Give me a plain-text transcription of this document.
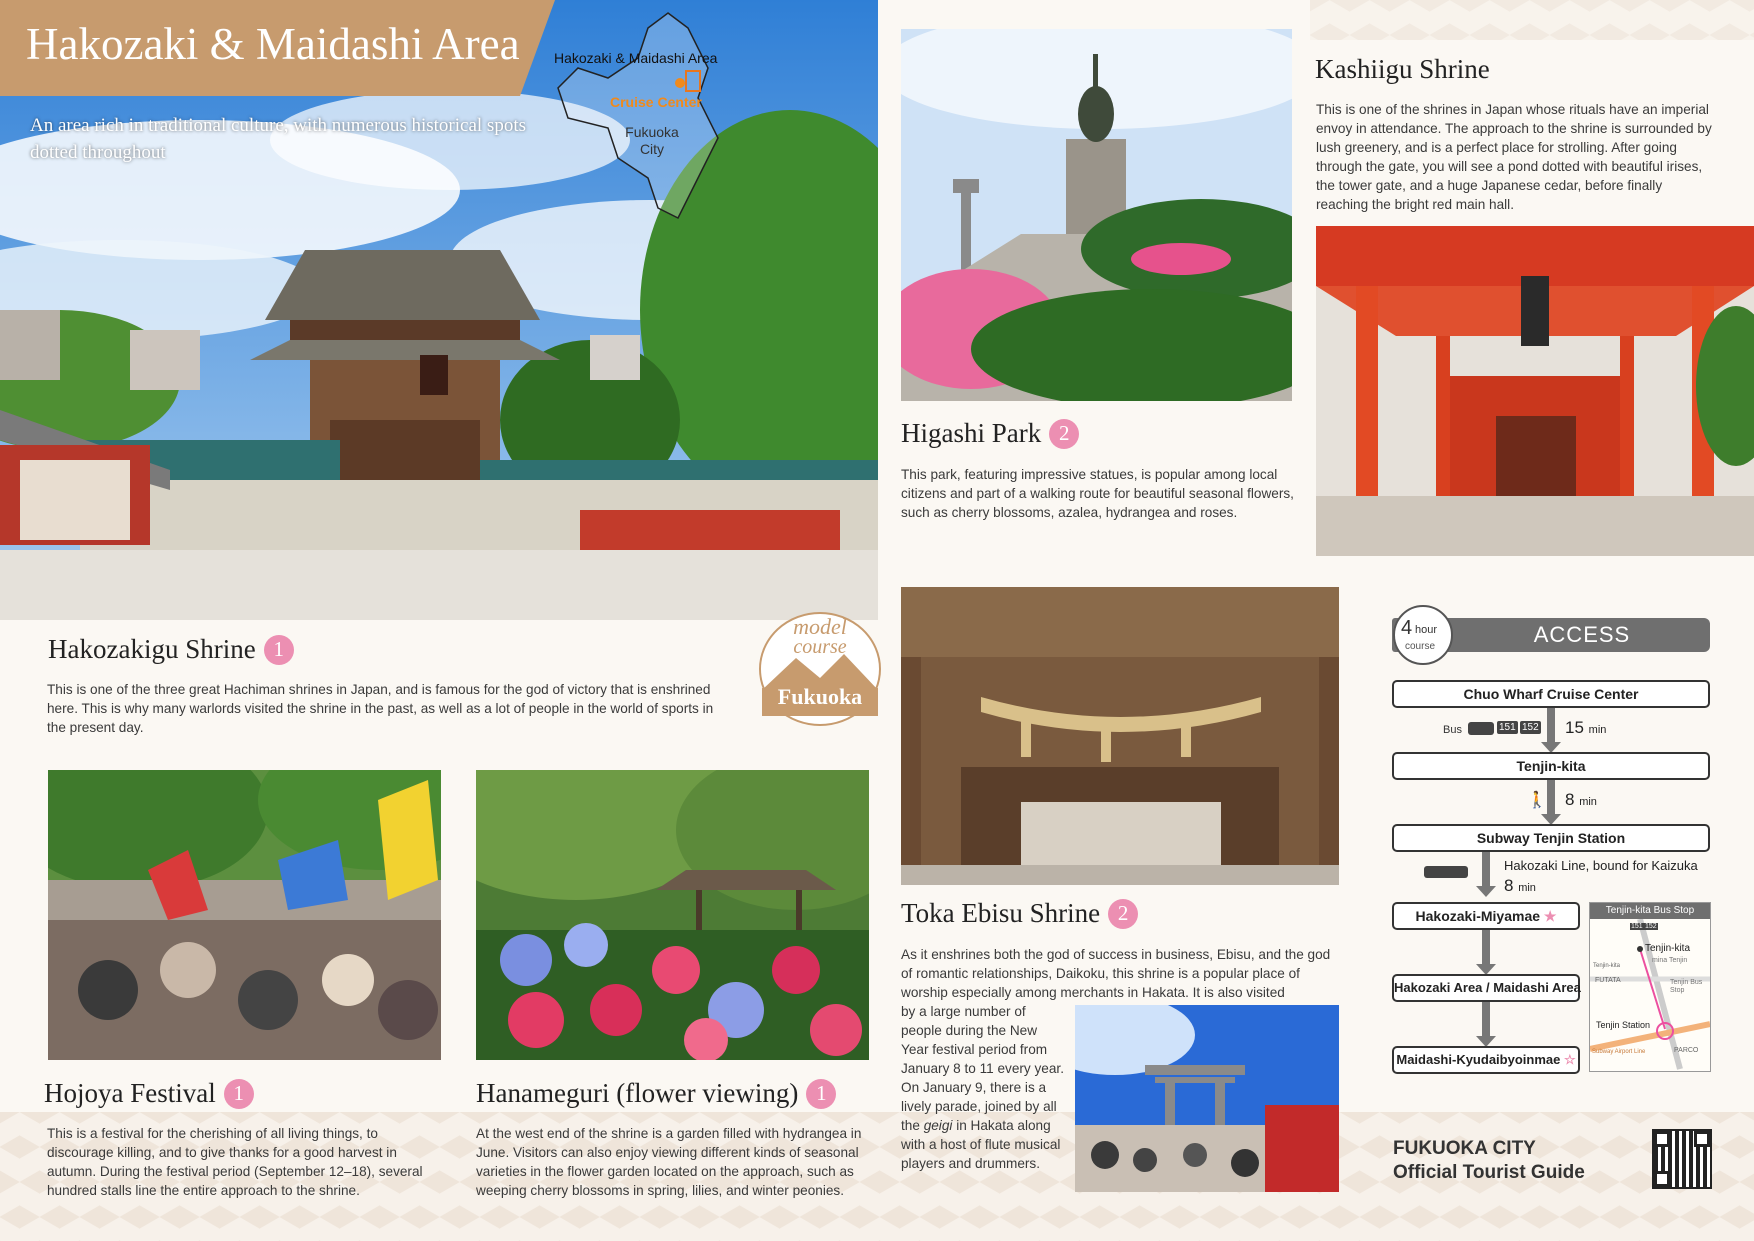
Hakozaki & Maidashi Area
An area rich in traditional culture, with numerous historical spots dotted throughout
Hakozaki & Maidashi Area
Cruise Center
Fukuoka City
model
course
Fukuoka
Hakozakigu Shrine 1

This is one of the three great Hachiman shrines in Japan, and is famous for the god of victory that is enshrined here. This is why many warlords visited the shrine in the past, as well as a lot of people in the world of sports in the present day.

Hojoya Festival 1

This is a festival for the cherishing of all living things, to discourage killing, and to give thanks for a good harvest in autumn. During the festival period (September 12–18), several hundred stalls line the entire approach to the shrine.

Hanameguri (flower viewing) 1

At the west end of the shrine is a garden filled with hydrangea in June. Visitors can also enjoy viewing different kinds of seasonal varieties in the flower garden located on the approach, such as weeping cherry blossoms in spring, lilies, and winter peonies.

Higashi Park 2

This park, featuring impressive statues, is popular among local citizens and part of a walking route for beautiful seasonal flowers, such as cherry blossoms, azalea, hydrangea and roses.

Kashiigu Shrine

This is one of the shrines in Japan whose rituals have an imperial envoy in attendance. The approach to the shrine is surrounded by lush greenery, and is a perfect place for strolling. After going through the gate, you will see a pond dotted with beautiful irises, the tower gate, and a huge Japanese cedar, before finally reaching the bright red main hall.

Toka Ebisu Shrine 2

As it enshrines both the god of success in business, Ebisu, and the god of romantic relationships, Daikoku, this shrine is a popular place of worship especially among merchants in Hakata. It is also visited

by a large number of people during the New Year festival period from January 8 to 11 every year. On January 9, there is a lively parade, joined by all the geigi in Hakata along with a host of flute musical players and drummers.

ACCESS
4 hour
course
Chuo Wharf Cruise Center
Bus	151 152 15 min
Tenjin-kita
🚶 8 min
Subway Tenjin Station
Hakozaki Line, bound for Kaizuka
8 min
Hakozaki-Miyamae ★
Hakozaki Area / Maidashi Area
Maidashi-Kyudaibyoinmae ☆
Tenjin-kita Bus Stop
151 152
Tenjin-kita
mina Tenjin
Tenjin-kita
FUTATA	Tenjin Bus Stop
Tenjin Station
Subway Airport Line	PARCO
FUKUOKA CITY
Official Tourist Guide
